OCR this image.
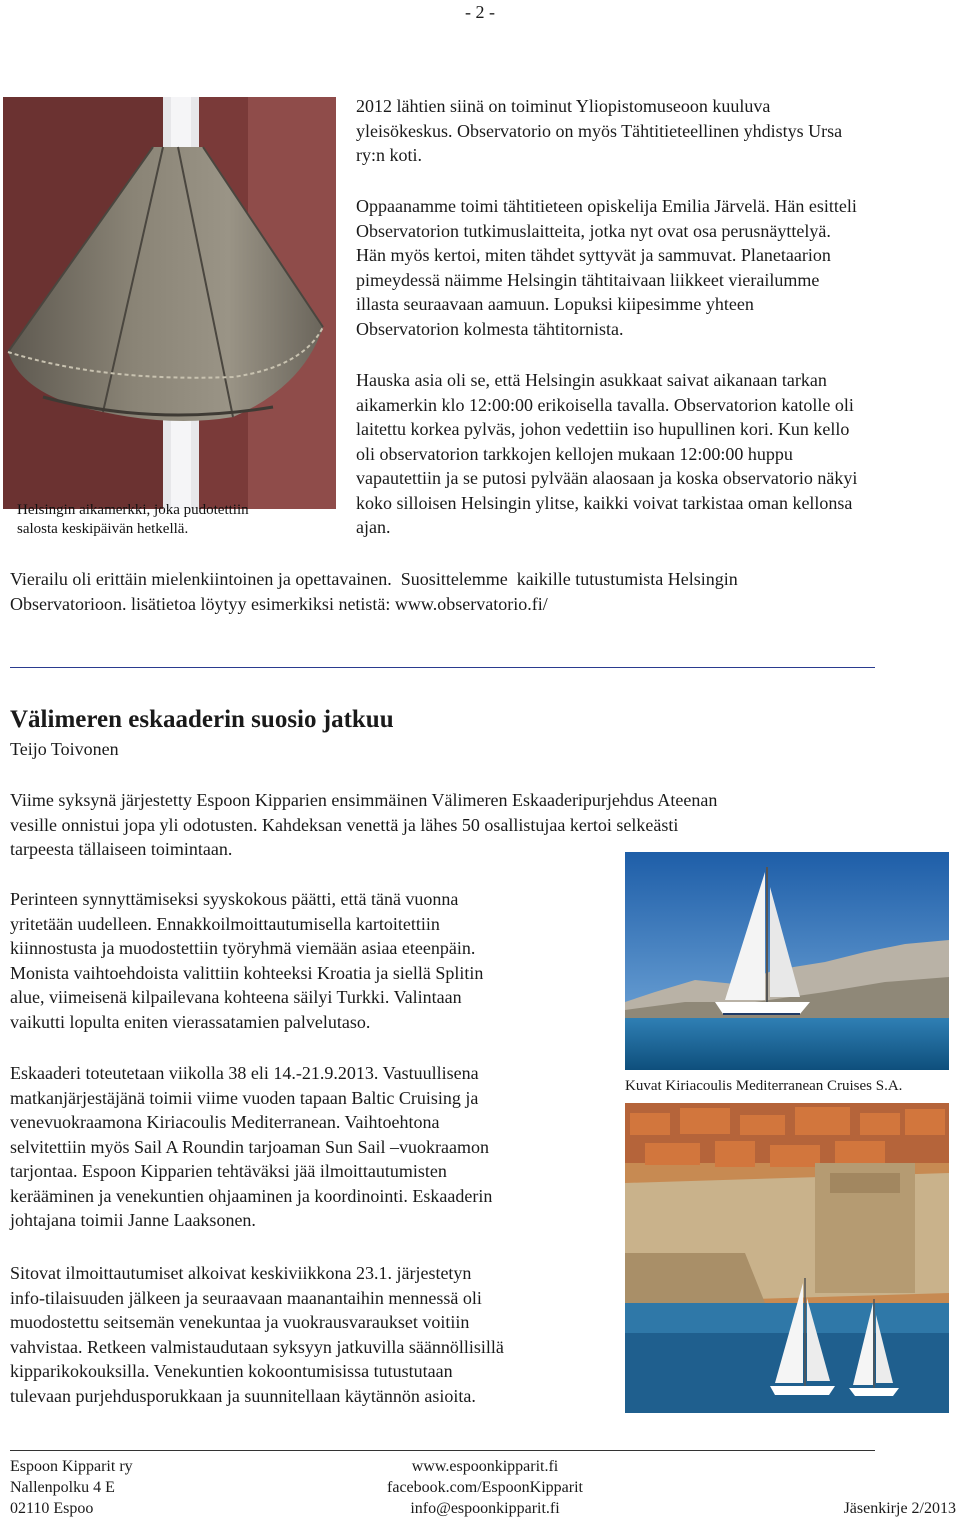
- 2 -
Helsingin aikamerkki, joka pudotettiin
salosta keskipäivän hetkellä.

2012 lähtien siinä on toiminut Yliopistomuseoon kuuluva

yleisökeskus. Observatorio on myös Tähtitieteellinen yhdistys Ursa

ry:n koti.

Oppaanamme toimi tähtitieteen opiskelija Emilia Järvelä. Hän esitteli

Observatorion tutkimuslaitteita, jotka nyt ovat osa perusnäyttelyä.

Hän myös kertoi, miten tähdet syttyvät ja sammuvat. Planetaarion

pimeydessä näimme Helsingin tähtitaivaan liikkeet vierailumme

illasta seuraavaan aamuun. Lopuksi kiipesimme yhteen

Observatorion kolmesta tähtitornista.

Hauska asia oli se, että Helsingin asukkaat saivat aikanaan tarkan

aikamerkin klo 12:00:00 erikoisella tavalla. Observatorion katolle oli

laitettu korkea pylväs, johon vedettiin iso hupullinen kori. Kun kello

oli observatorion tarkkojen kellojen mukaan 12:00:00 huppu

vapautettiin ja se putosi pylvään alaosaan ja koska observatorio näkyi

koko silloisen Helsingin ylitse, kaikki voivat tarkistaa oman kellonsa

ajan.

Vierailu oli erittäin mielenkiintoinen ja opettavainen.  Suosittelemme  kaikille tutustumista Helsingin

Observatorioon. lisätietoa löytyy esimerkiksi netistä: www.observatorio.fi/

Välimeren eskaaderin suosio jatkuu
Teijo Toivonen

Viime syksynä järjestetty Espoon Kipparien ensimmäinen Välimeren Eskaaderipurjehdus Ateenan

vesille onnistui jopa yli odotusten. Kahdeksan venettä ja lähes 50 osallistujaa kertoi selkeästi

tarpeesta tällaiseen toimintaan.

Perinteen synnyttämiseksi syyskokous päätti, että tänä vuonna

yritetään uudelleen. Ennakkoilmoittautumisella kartoitettiin

kiinnostusta ja muodostettiin työryhmä viemään asiaa eteenpäin.

Monista vaihtoehdoista valittiin kohteeksi Kroatia ja siellä Splitin

alue, viimeisenä kilpailevana kohteena säilyi Turkki. Valintaan

vaikutti lopulta eniten vierassatamien palvelutaso.

Eskaaderi toteutetaan viikolla 38 eli 14.-21.9.2013. Vastuullisena

matkanjärjestäjänä toimii viime vuoden tapaan Baltic Cruising ja

venevuokraamona Kiriacoulis Mediterranean. Vaihtoehtona

selvitettiin myös Sail A Roundin tarjoaman Sun Sail –vuokraamon

tarjontaa. Espoon Kipparien tehtäväksi jää ilmoittautumisten

kerääminen ja venekuntien ohjaaminen ja koordinointi. Eskaaderin

johtajana toimii Janne Laaksonen.

Sitovat ilmoittautumiset alkoivat keskiviikkona 23.1. järjestetyn

info-tilaisuuden jälkeen ja seuraavaan maanantaihin mennessä oli

muodostettu seitsemän venekuntaa ja vuokrausvaraukset voitiin

vahvistaa. Retkeen valmistaudutaan syksyyn jatkuvilla säännöllisillä

kipparikokouksilla. Venekuntien kokoontumisissa tutustutaan

tulevaan purjehdusporukkaan ja suunnitellaan käytännön asioita.

Kuvat Kiriacoulis Mediterranean Cruises S.A.
Espoon Kipparit ry
Nallenpolku 4 E
02110 Espoo
www.espoonkipparit.fi
facebook.com/EspoonKipparit
info@espoonkipparit.fi	Jäsenkirje 2/2013
